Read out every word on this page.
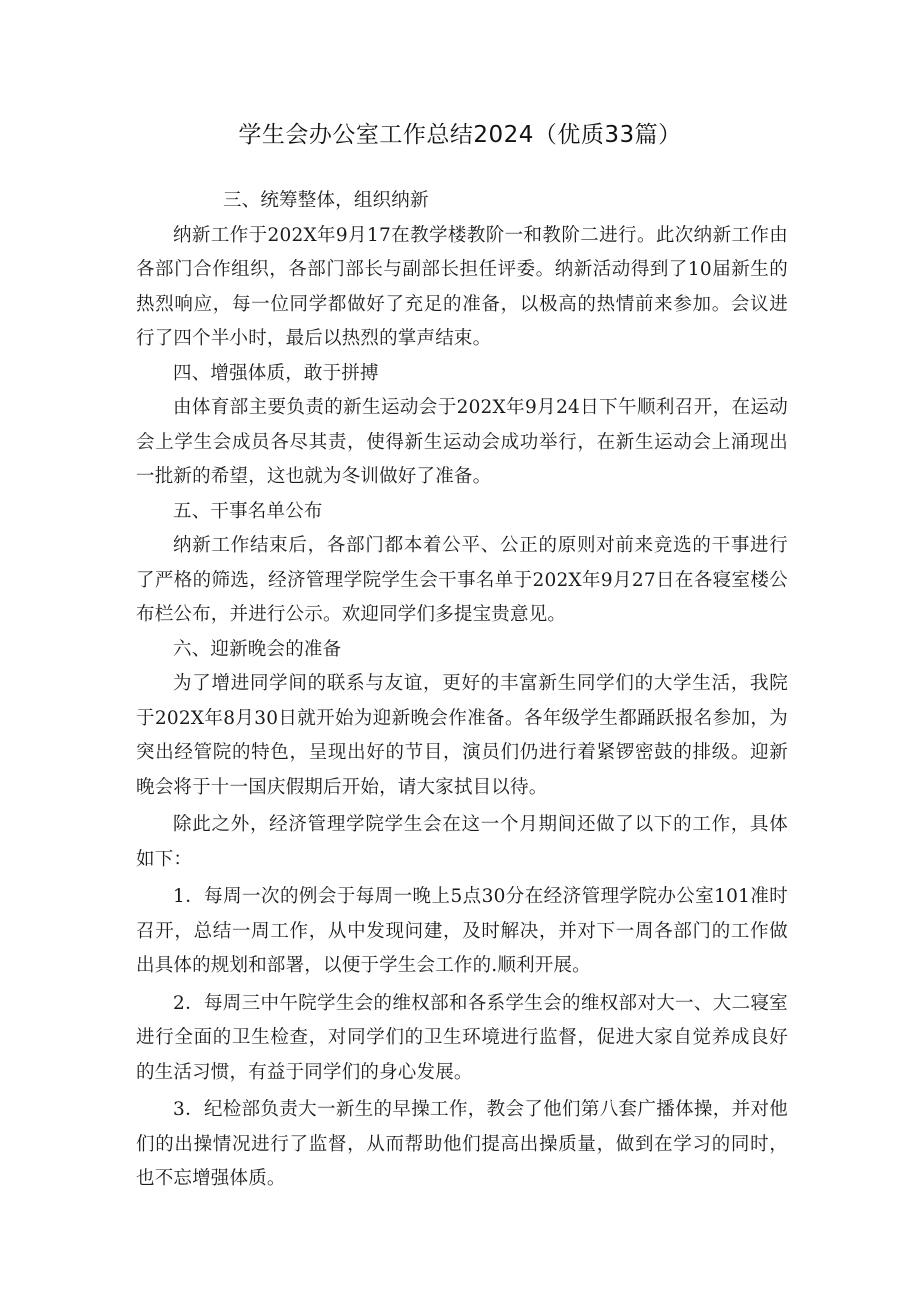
学生会办公室工作总结2024（优质33篇）

三、统筹整体，组织纳新

纳新工作于202X年9月17在教学楼教阶一和教阶二进行。此次纳新工作由各部门合作组织，各部门部长与副部长担任评委。纳新活动得到了10届新生的热烈响应，每一位同学都做好了充足的准备，以极高的热情前来参加。会议进行了四个半小时，最后以热烈的掌声结束。

四、增强体质，敢于拼搏

由体育部主要负责的新生运动会于202X年9月24日下午顺利召开，在运动会上学生会成员各尽其责，使得新生运动会成功举行，在新生运动会上涌现出一批新的希望，这也就为冬训做好了准备。

五、干事名单公布

纳新工作结束后，各部门都本着公平、公正的原则对前来竞选的干事进行了严格的筛选，经济管理学院学生会干事名单于202X年9月27日在各寝室楼公布栏公布，并进行公示。欢迎同学们多提宝贵意见。

六、迎新晚会的准备

为了增进同学间的联系与友谊，更好的丰富新生同学们的大学生活，我院于202X年8月30日就开始为迎新晚会作准备。各年级学生都踊跃报名参加，为突出经管院的特色，呈现出好的节目，演员们仍进行着紧锣密鼓的排级。迎新晚会将于十一国庆假期后开始，请大家拭目以待。

除此之外，经济管理学院学生会在这一个月期间还做了以下的工作，具体如下：

1．每周一次的例会于每周一晚上5点30分在经济管理学院办公室101准时召开，总结一周工作，从中发现问建，及时解决，并对下一周各部门的工作做出具体的规划和部署，以便于学生会工作的.顺利开展。

2．每周三中午院学生会的维权部和各系学生会的维权部对大一、大二寝室进行全面的卫生检查，对同学们的卫生环境进行监督，促进大家自觉养成良好的生活习惯，有益于同学们的身心发展。

3．纪检部负责大一新生的早操工作，教会了他们第八套广播体操，并对他们的出操情况进行了监督，从而帮助他们提高出操质量，做到在学习的同时，也不忘增强体质。
